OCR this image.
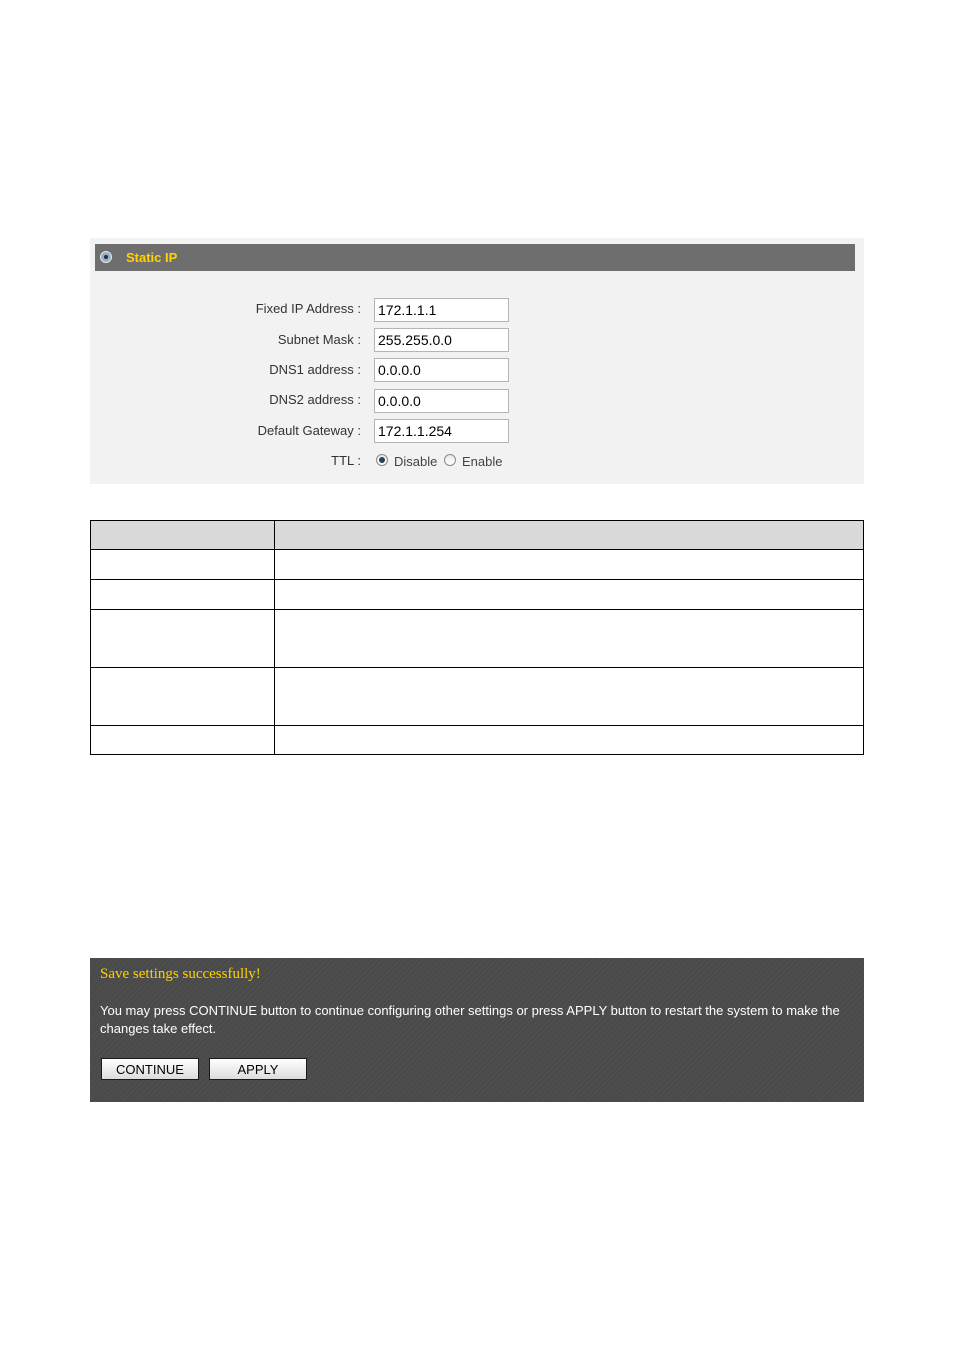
Static IP
Fixed IP Address :
172.1.1.1
Subnet Mask :
255.255.0.0
DNS1 address :
0.0.0.0
DNS2 address :
0.0.0.0
Default Gateway :
172.1.1.254
TTL :	Disable Enable

Save settings successfully!
You may press CONTINUE button to continue configuring other settings or press APPLY button to restart the system to make the changes take effect.
CONTINUE	APPLY
